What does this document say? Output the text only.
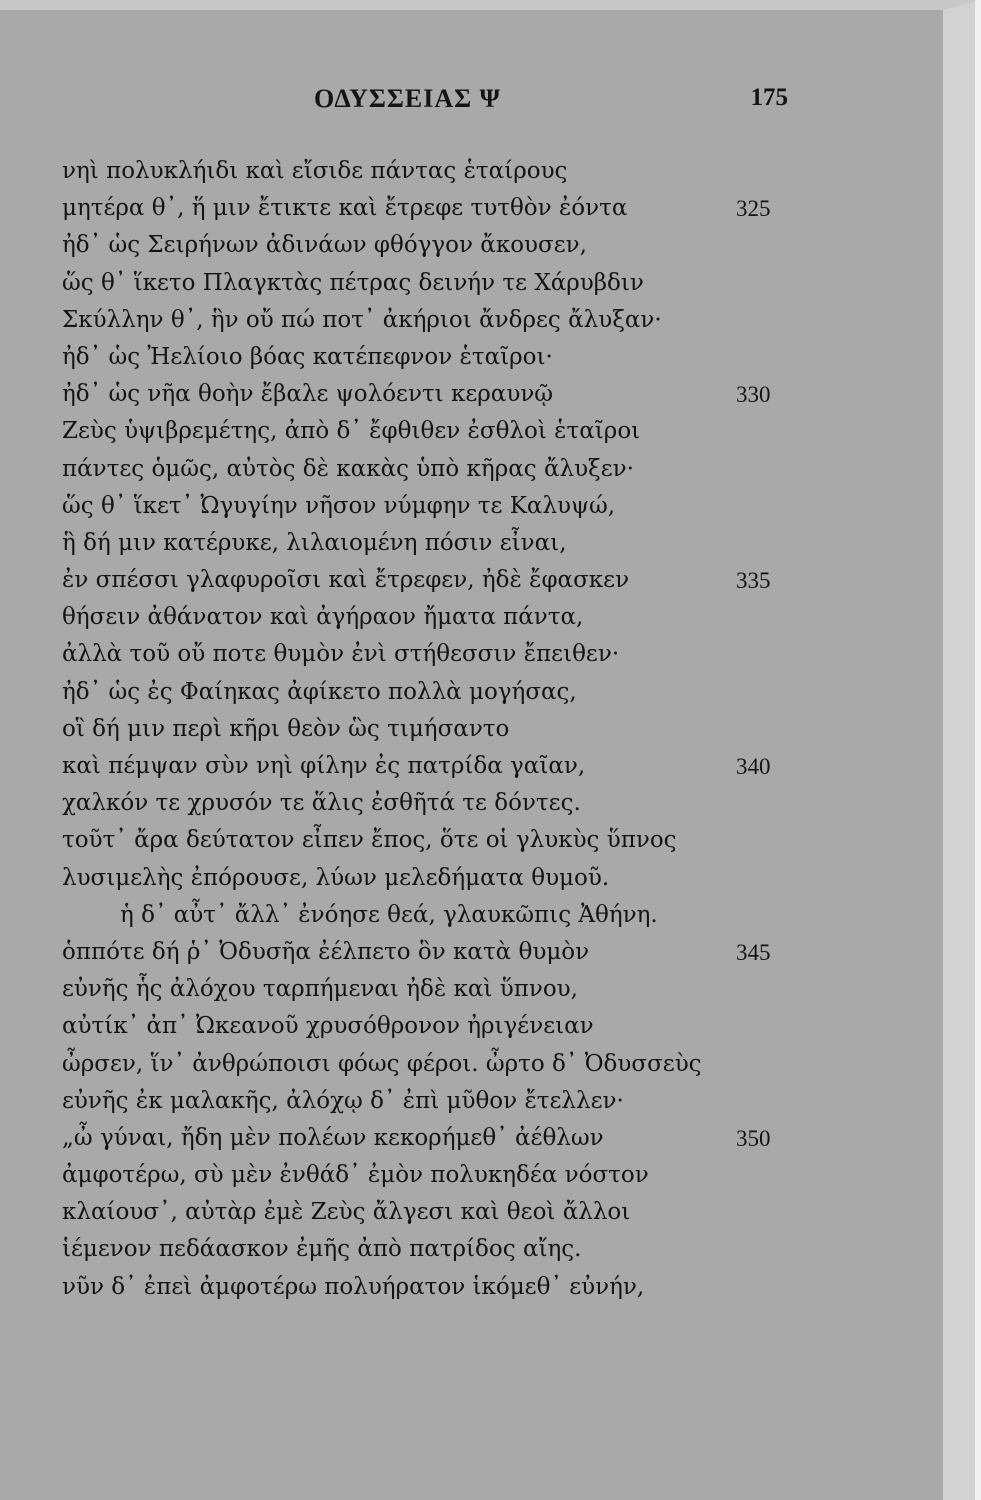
ΟΔΥΣΣΕΙΑΣ Ψ	175
νηὶ πολυκλήιδι καὶ εἴσιδε πάντας ἑταίρους
μητέρα θ᾽, ἥ μιν ἔτικτε καὶ ἔτρεφε τυτθὸν ἐόντα	325
ἠδ᾽ ὡς Σειρήνων ἀδινάων φθόγγον ἄκουσεν,
ὥς θ᾽ ἵκετο Πλαγκτὰς πέτρας δεινήν τε Χάρυβδιν
Σκύλλην θ᾽, ἣν οὔ πώ ποτ᾽ ἀκήριοι ἄνδρες ἄλυξαν·
ἠδ᾽ ὡς Ἠελίοιο βόας κατέπεφνον ἑταῖροι·
ἠδ᾽ ὡς νῆα θοὴν ἔβαλε ψολόεντι κεραυνῷ	330
Ζεὺς ὑψιβρεμέτης, ἀπὸ δ᾽ ἔφθιθεν ἐσθλοὶ ἑταῖροι
πάντες ὁμῶς, αὐτὸς δὲ κακὰς ὑπὸ κῆρας ἄλυξεν·
ὥς θ᾽ ἵκετ᾽ Ὠγυγίην νῆσον νύμφην τε Καλυψώ,
ἣ δή μιν κατέρυκε, λιλαιομένη πόσιν εἶναι,
ἐν σπέσσι γλαφυροῖσι καὶ ἔτρεφεν, ἠδὲ ἔφασκεν	335
θήσειν ἀθάνατον καὶ ἀγήραον ἤματα πάντα,
ἀλλὰ τοῦ οὔ ποτε θυμὸν ἐνὶ στήθεσσιν ἔπειθεν·
ἠδ᾽ ὡς ἐς Φαίηκας ἀφίκετο πολλὰ μογήσας,
οἳ δή μιν περὶ κῆρι θεὸν ὣς τιμήσαντο
καὶ πέμψαν σὺν νηὶ φίλην ἐς πατρίδα γαῖαν,	340
χαλκόν τε χρυσόν τε ἅλις ἐσθῆτά τε δόντες.
τοῦτ᾽ ἄρα δεύτατον εἶπεν ἔπος, ὅτε οἱ γλυκὺς ὕπνος
λυσιμελὴς ἐπόρουσε, λύων μελεδήματα θυμοῦ.
ἡ δ᾽ αὖτ᾽ ἄλλ᾽ ἐνόησε θεά, γλαυκῶπις Ἀθήνη.
ὁππότε δή ῥ᾽ Ὀδυσῆα ἐέλπετο ὃν κατὰ θυμὸν	345
εὐνῆς ἧς ἀλόχου ταρπήμεναι ἠδὲ καὶ ὕπνου,
αὐτίκ᾽ ἀπ᾽ Ὠκεανοῦ χρυσόθρονον ἠριγένειαν
ὦρσεν, ἵν᾽ ἀνθρώποισι φόως φέροι. ὦρτο δ᾽ Ὀδυσσεὺς
εὐνῆς ἐκ μαλακῆς, ἀλόχῳ δ᾽ ἐπὶ μῦθον ἔτελλεν·
„ὦ γύναι, ἤδη μὲν πολέων κεκορήμεθ᾽ ἀέθλων	350
ἀμφοτέρω, σὺ μὲν ἐνθάδ᾽ ἐμὸν πολυκηδέα νόστον
κλαίουσ᾽, αὐτὰρ ἐμὲ Ζεὺς ἄλγεσι καὶ θεοὶ ἄλλοι
ἱέμενον πεδάασκον ἐμῆς ἀπὸ πατρίδος αἴης.
νῦν δ᾽ ἐπεὶ ἀμφοτέρω πολυήρατον ἱκόμεθ᾽ εὐνήν,
